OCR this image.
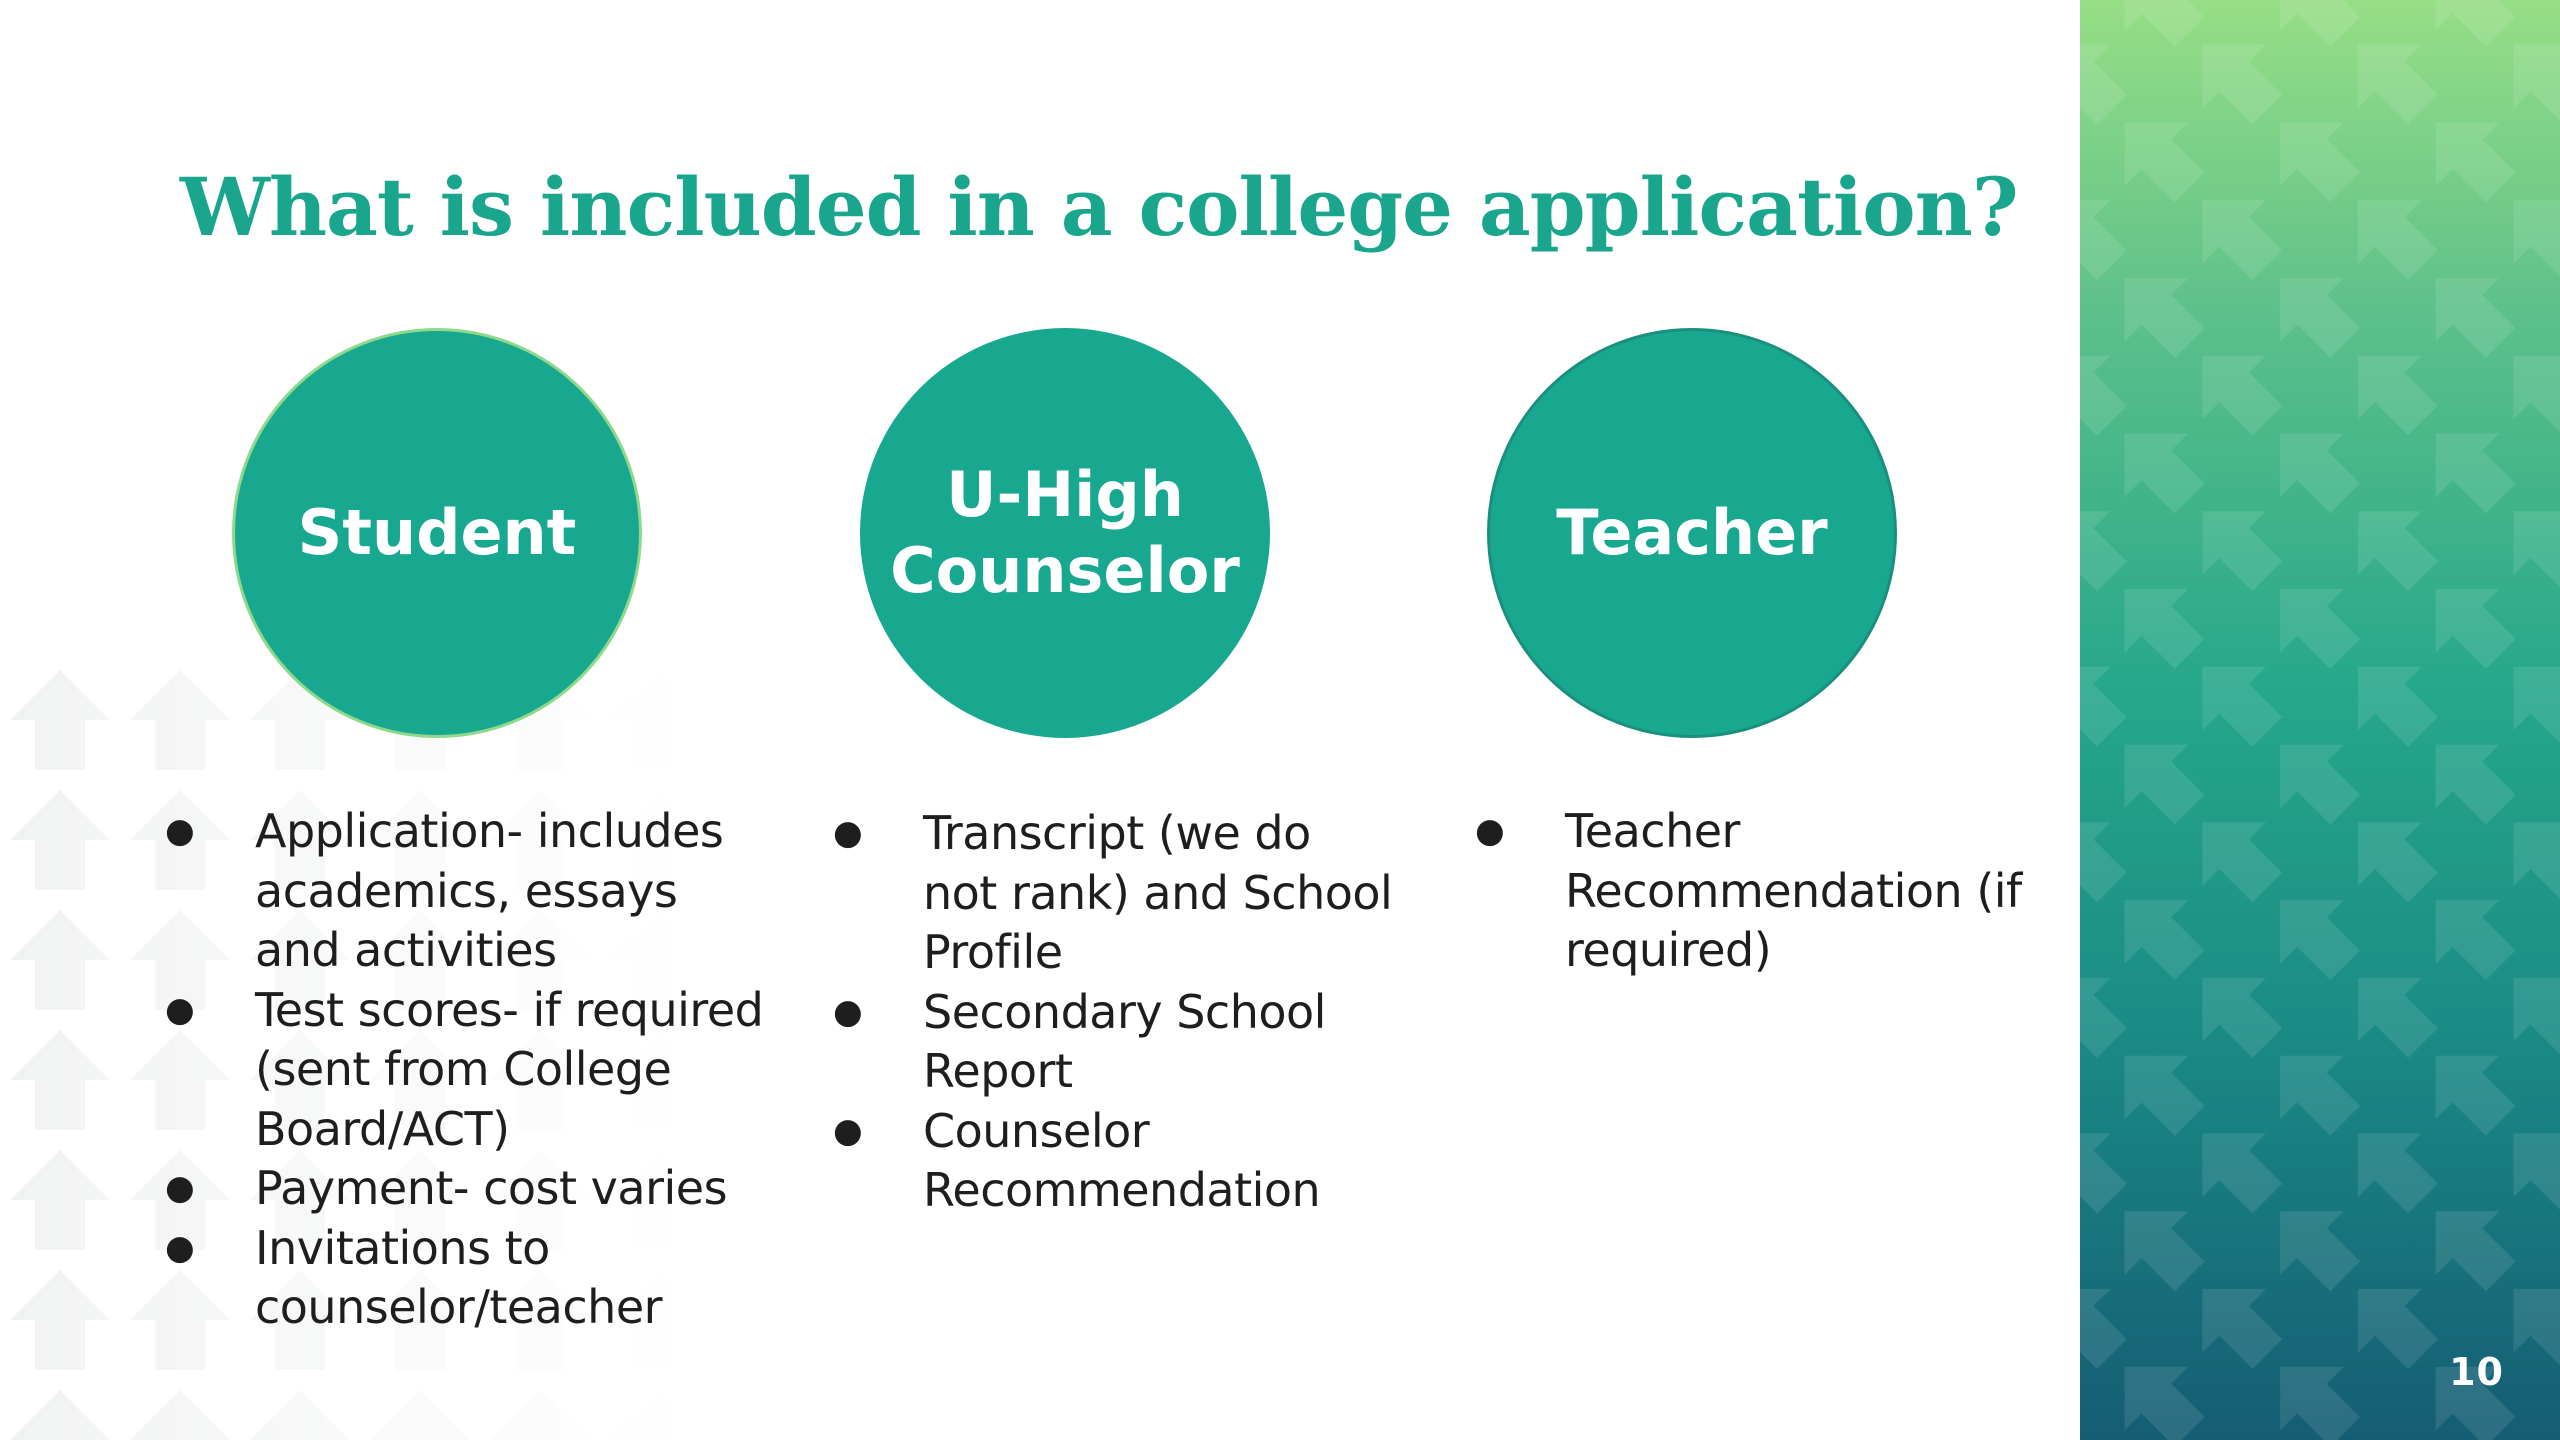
10
What is included in a college application?
Student
● Application- includes academics, essays and activities
● Test scores- if required (sent from College Board/ACT)
● Payment- cost varies
● Invitations to counselor/teacher
U-High
Counselor
● Transcript (we do not rank) and School Profile
● Secondary School Report
● Counselor Recommendation
Teacher
● Teacher Recommendation (if required)
